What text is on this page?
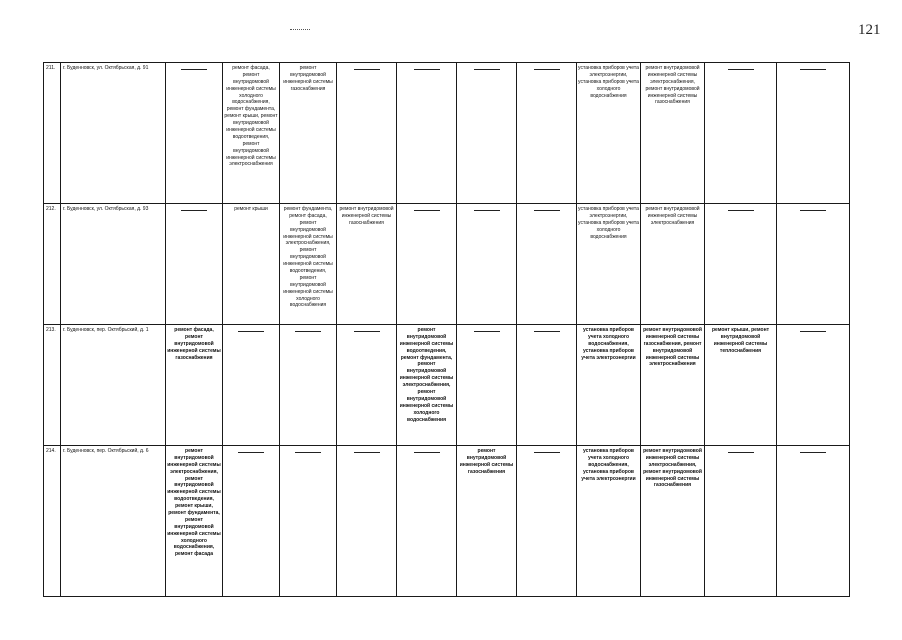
121
211.	г. Буденновск, ул. Октябрьская, д. 91		ремонт фасада, ремонт внутридомовой инженерной системы холодного водоснабжения, ремонт фундамента, ремонт крыши, ремонт внутридомовой инженерной системы водоотведения, ремонт внутридомовой инженерной системы электроснабжения	ремонт внутридомовой инженерной системы газоснабжения					установка приборов учета электроэнергии, установка приборов учета холодного водоснабжения	ремонт внутридомовой инженерной системы электроснабжения, ремонт внутридомовой инженерной системы газоснабжения		

212.	г. Буденновск, ул. Октябрьская, д. 93		ремонт крыши	ремонт фундамента, ремонт фасада, ремонт внутридомовой инженерной системы электроснабжения, ремонт внутридомовой инженерной системы водоотведения, ремонт внутридомовой инженерной системы холодного водоснабжения	ремонт внутридомовой инженерной системы газоснабжения				установка приборов учета электроэнергии, установка приборов учета холодного водоснабжения	ремонт внутридомовой инженерной системы электроснабжения		

213.	г. Буденновск, пер. Октябрьский, д. 1	ремонт фасада, ремонт внутридомовой инженерной системы газоснабжения				ремонт внутридомовой инженерной системы водоотведения, ремонт фундамента, ремонт внутридомовой инженерной системы электроснабжения, ремонт внутридомовой инженерной системы холодного водоснабжения			установка приборов учета холодного водоснабжения, установка приборов учета электроэнергии	ремонт внутридомовой инженерной системы газоснабжения, ремонт внутридомовой инженерной системы электроснабжения	ремонт крыши, ремонт внутридомовой инженерной системы теплоснабжения	

214.	г. Буденновск, пер. Октябрьский, д. 6	ремонт внутридомовой инженерной системы электроснабжения, ремонт внутридомовой инженерной системы водоотведения, ремонт крыши, ремонт фундамента, ремонт внутридомовой инженерной системы холодного водоснабжения, ремонт фасада					ремонт внутридомовой инженерной системы газоснабжения		установка приборов учета холодного водоснабжения, установка приборов учета электроэнергии	ремонт внутридомовой инженерной системы электроснабжения, ремонт внутридомовой инженерной системы газоснабжения		
